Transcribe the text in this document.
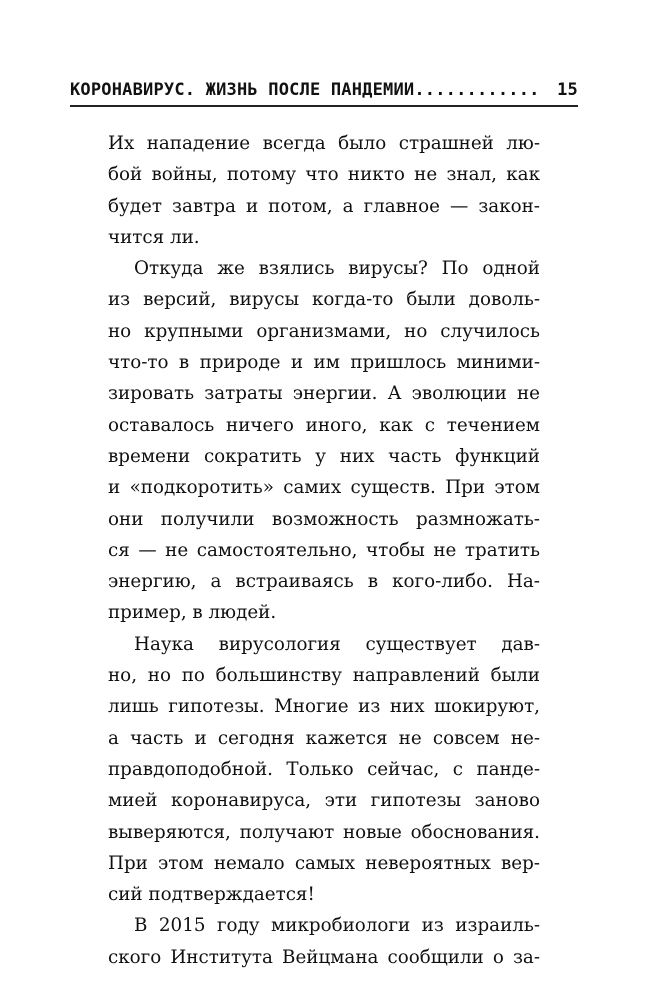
КОРОНАВИРУС. ЖИЗНЬ ПОСЛЕ ПАНДЕМИИ............ 15
Их нападение всегда было страшней лю-
бой войны, потому что никто не знал, как
будет завтра и потом, а главное — закон-
чится ли.
Откуда же взялись вирусы? По одной
из версий, вирусы когда-то были доволь-
но крупными организмами, но случилось
что-то в природе и им пришлось миними-
зировать затраты энергии. А эволюции не
оставалось ничего иного, как с течением
времени сократить у них часть функций
и «подкоротить» самих существ. При этом
они получили возможность размножать-
ся — не самостоятельно, чтобы не тратить
энергию, а встраиваясь в кого-либо. На-
пример, в людей.
Наука вирусология существует дав-
но, но по большинству направлений были
лишь гипотезы. Многие из них шокируют,
а часть и сегодня кажется не совсем не-
правдоподобной. Только сейчас, с панде-
мией коронавируса, эти гипотезы заново
выверяются, получают новые обоснования.
При этом немало самых невероятных вер-
сий подтверждается!
В 2015 году микробиологи из израиль-
ского Института Вейцмана сообщили о за-
